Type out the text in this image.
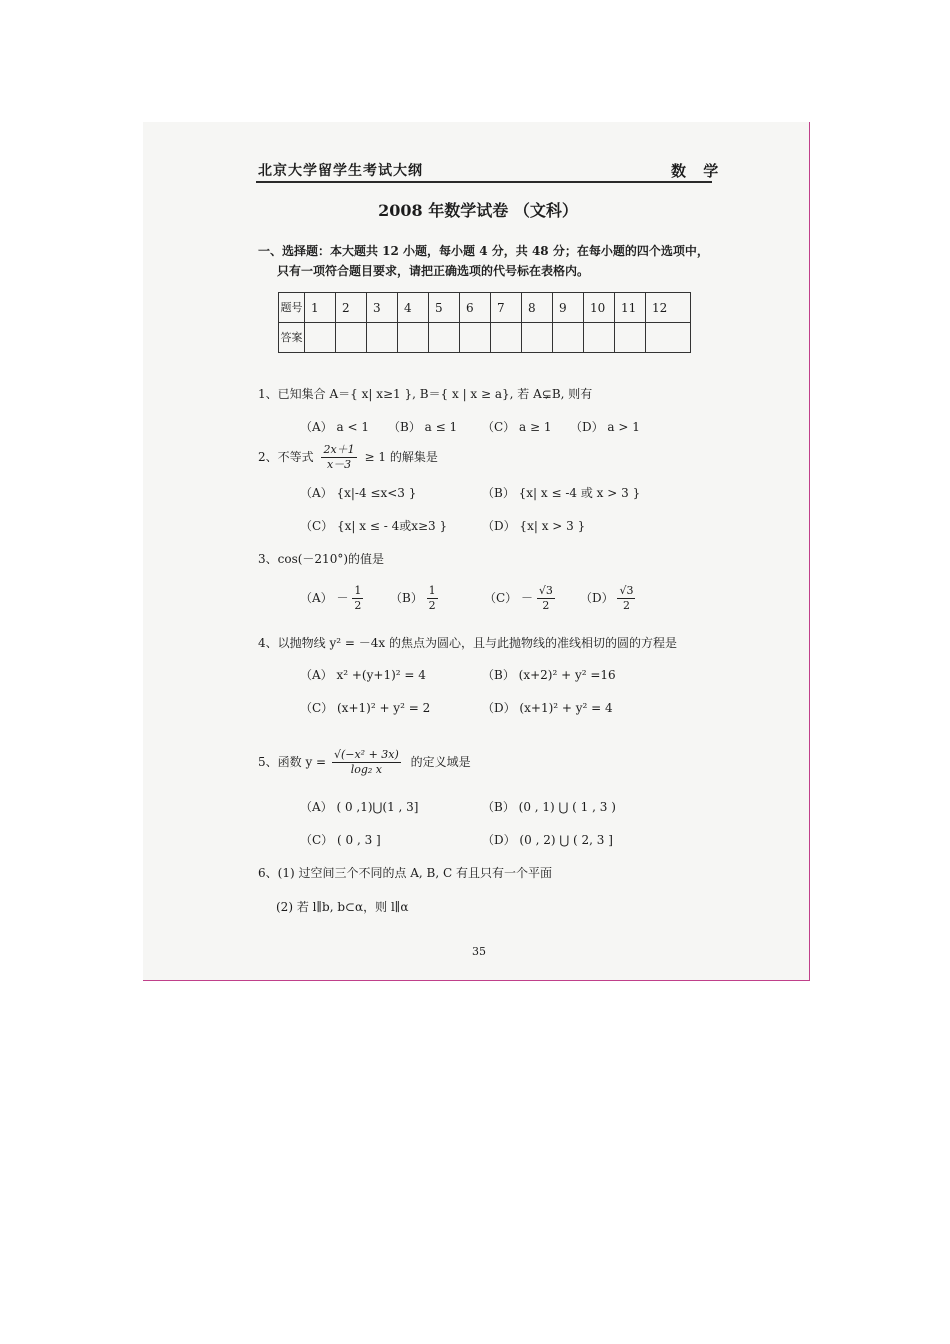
北京大学留学生考试大纲	数 学
2008 年数学试卷 （文科）
一、选择题：本大题共 12 小题，每小题 4 分，共 48 分；在每小题的四个选项中，
只有一项符合题目要求，请把正确选项的代号标在表格内。
题号	1	2	3	4	5	6	7	8	9	10	11	12
答案												
1、已知集合 A＝{ x| x≥1 }, B＝{ x | x ≥ a}, 若 A⊊B, 则有
（A） a < 1 （B） a ≤ 1 （C） a ≥ 1 （D） a > 1
2、不等式 $\frac{2x+1}{x-3} \ge 1$ 的解集是
（A） {x|-4 ≤x<3 }	（B） {x| x ≤ -4 或 x > 3 }
（C） {x| x ≤ - 4或x≥3 }	（D） {x| x > 3 }
3、cos(－210°)的值是
$(A) - \frac{1}{2} (B) \frac{1}{2}$	$(C) - \frac{√3}{2} (D) \frac{√3}{2}$
4、以抛物线 y² = －4x 的焦点为圆心，且与此抛物线的准线相切的圆的方程是
（A） x² +(y+1)² = 4	（B） (x+2)² + y² =16
（C） (x+1)² + y² = 2	（D） (x+1)² + y² = 4
5、函数 $y = \frac{\text{√(−x² + 3x)}}{\text{log₂ x}}$ 的定义域是
（A） ( 0 ,1)⋃(1 , 3]	（B） (0 , 1) ⋃ ( 1 , 3 )
（C） ( 0 , 3 ]	（D） (0 , 2) ⋃ ( 2, 3 ]
6、(1) 过空间三个不同的点 A, B, C 有且只有一个平面
(2) 若 l∥b, b⊂α，则 l∥α
35
